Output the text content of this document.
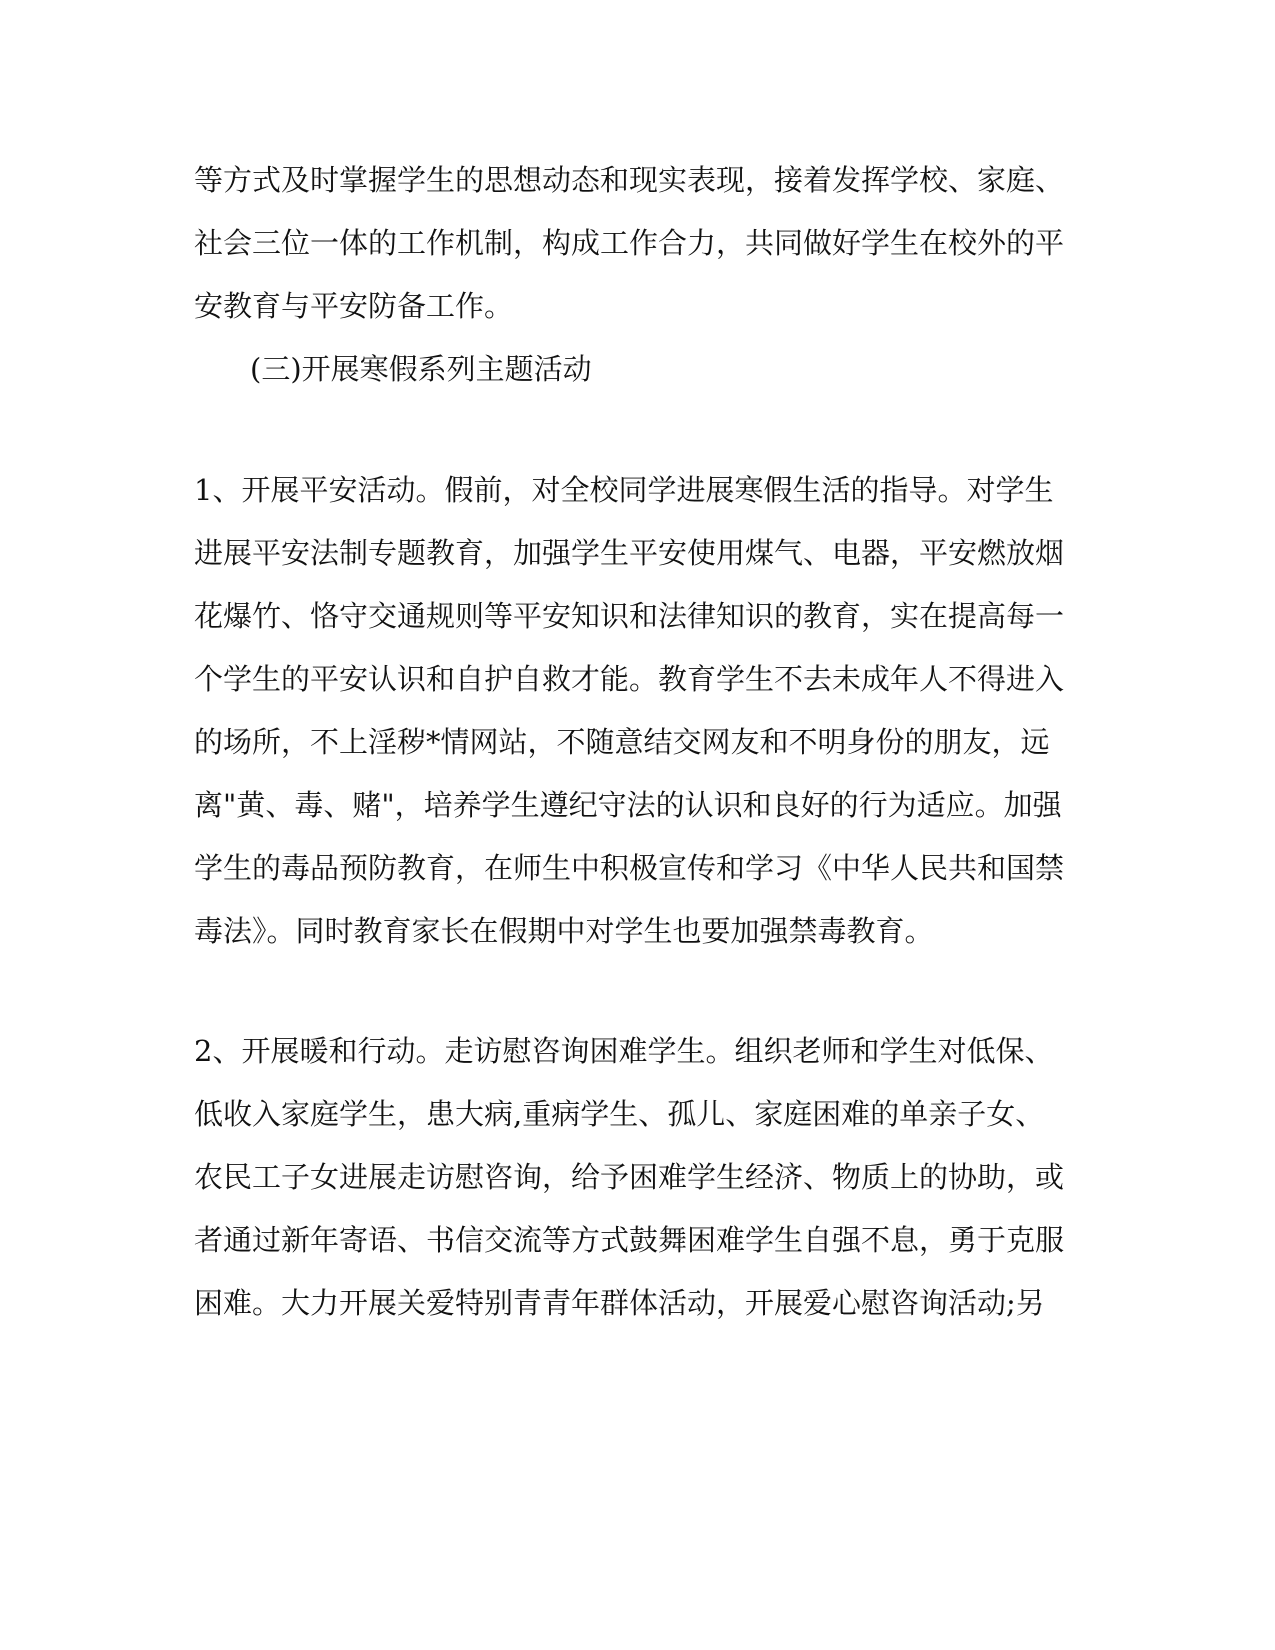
等方式及时掌握学生的思想动态和现实表现，接着发挥学校、家庭、
社会三位一体的工作机制，构成工作合力，共同做好学生在校外的平
安教育与平安防备工作。
(三)开展寒假系列主题活动
1、开展平安活动。假前，对全校同学进展寒假生活的指导。对学生
进展平安法制专题教育，加强学生平安使用煤气、电器，平安燃放烟
花爆竹、恪守交通规则等平安知识和法律知识的教育，实在提高每一
个学生的平安认识和自护自救才能。教育学生不去未成年人不得进入
的场所，不上淫秽*情网站，不随意结交网友和不明身份的朋友，远
离"黄、毒、赌"，培养学生遵纪守法的认识和良好的行为适应。加强
学生的毒品预防教育，在师生中积极宣传和学习《中华人民共和国禁
毒法》。同时教育家长在假期中对学生也要加强禁毒教育。
2、开展暖和行动。走访慰咨询困难学生。组织老师和学生对低保、
低收入家庭学生，患大病,重病学生、孤儿、家庭困难的单亲子女、
农民工子女进展走访慰咨询，给予困难学生经济、物质上的协助，或
者通过新年寄语、书信交流等方式鼓舞困难学生自强不息，勇于克服
困难。大力开展关爱特别青青年群体活动，开展爱心慰咨询活动;另
